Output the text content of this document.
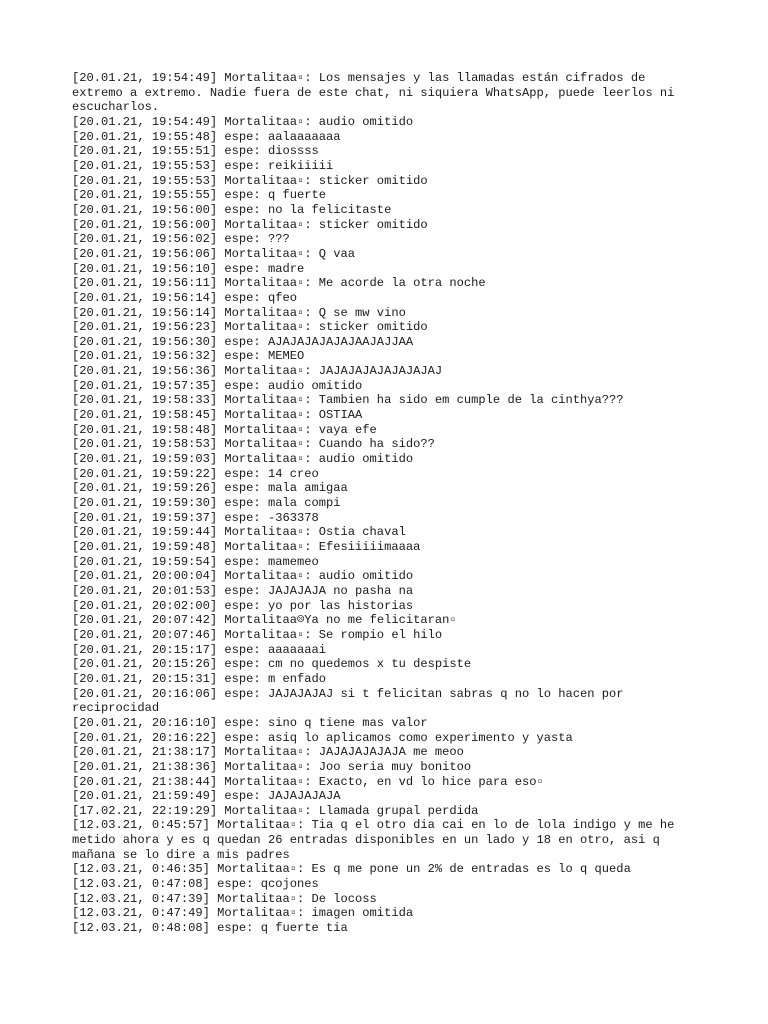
[20.01.21, 19:54:49] Mortalitaa▫: Los mensajes y las llamadas están cifrados de extremo a extremo. Nadie fuera de este chat, ni siquiera WhatsApp, puede leerlos ni escucharlos.
[20.01.21, 19:54:49] Mortalitaa▫: audio omitido
[20.01.21, 19:55:48] espe: aalaaaaaaa
[20.01.21, 19:55:51] espe: diossss
[20.01.21, 19:55:53] espe: reikiiiii
[20.01.21, 19:55:53] Mortalitaa▫: sticker omitido
[20.01.21, 19:55:55] espe: q fuerte
[20.01.21, 19:56:00] espe: no la felicitaste
[20.01.21, 19:56:00] Mortalitaa▫: sticker omitido
[20.01.21, 19:56:02] espe: ???
[20.01.21, 19:56:06] Mortalitaa▫: Q vaa
[20.01.21, 19:56:10] espe: madre
[20.01.21, 19:56:11] Mortalitaa▫: Me acorde la otra noche
[20.01.21, 19:56:14] espe: qfeo
[20.01.21, 19:56:14] Mortalitaa▫: Q se mw vino
[20.01.21, 19:56:23] Mortalitaa▫: sticker omitido
[20.01.21, 19:56:30] espe: AJAJAJAJAJAJAAJAJJAA
[20.01.21, 19:56:32] espe: MEMEO
[20.01.21, 19:56:36] Mortalitaa▫: JAJAJAJAJAJAJAJAJ
[20.01.21, 19:57:35] espe: audio omitido
[20.01.21, 19:58:33] Mortalitaa▫: Tambien ha sido em cumple de la cinthya???
[20.01.21, 19:58:45] Mortalitaa▫: OSTIAA
[20.01.21, 19:58:48] Mortalitaa▫: vaya efe
[20.01.21, 19:58:53] Mortalitaa▫: Cuando ha sido??
[20.01.21, 19:59:03] Mortalitaa▫: audio omitido
[20.01.21, 19:59:22] espe: 14 creo
[20.01.21, 19:59:26] espe: mala amigaa
[20.01.21, 19:59:30] espe: mala compi
[20.01.21, 19:59:37] espe: -363378
[20.01.21, 19:59:44] Mortalitaa▫: Ostia chaval
[20.01.21, 19:59:48] Mortalitaa▫: Efesiiiiimaaaa
[20.01.21, 19:59:54] espe: mamemeo
[20.01.21, 20:00:04] Mortalitaa▫: audio omitido
[20.01.21, 20:01:53] espe: JAJAJAJA no pasha na
[20.01.21, 20:02:00] espe: yo por las historias
[20.01.21, 20:07:42] Mortalitaa☹Ya no me felicitaran▫
[20.01.21, 20:07:46] Mortalitaa▫: Se rompio el hilo
[20.01.21, 20:15:17] espe: aaaaaaai
[20.01.21, 20:15:26] espe: cm no quedemos x tu despiste
[20.01.21, 20:15:31] espe: m enfado
[20.01.21, 20:16:06] espe: JAJAJAJAJ si t felicitan sabras q no lo hacen por reciprocidad
[20.01.21, 20:16:10] espe: sino q tiene mas valor
[20.01.21, 20:16:22] espe: asiq lo aplicamos como experimento y yasta
[20.01.21, 21:38:17] Mortalitaa▫: JAJAJAJAJAJA me meoo
[20.01.21, 21:38:36] Mortalitaa▫: Joo seria muy bonitoo
[20.01.21, 21:38:44] Mortalitaa▫: Exacto, en vd lo hice para eso▫
[20.01.21, 21:59:49] espe: JAJAJAJAJA
[17.02.21, 22:19:29] Mortalitaa▫: Llamada grupal perdida
[12.03.21, 0:45:57] Mortalitaa▫: Tia q el otro dia cai en lo de lola indigo y me he metido ahora y es q quedan 26 entradas disponibles en un lado y 18 en otro, asi q mañana se lo dire a mis padres
[12.03.21, 0:46:35] Mortalitaa▫: Es q me pone un 2% de entradas es lo q queda
[12.03.21, 0:47:08] espe: qcojones
[12.03.21, 0:47:39] Mortalitaa▫: De locoss
[12.03.21, 0:47:49] Mortalitaa▫: imagen omitida
[12.03.21, 0:48:08] espe: q fuerte tia
